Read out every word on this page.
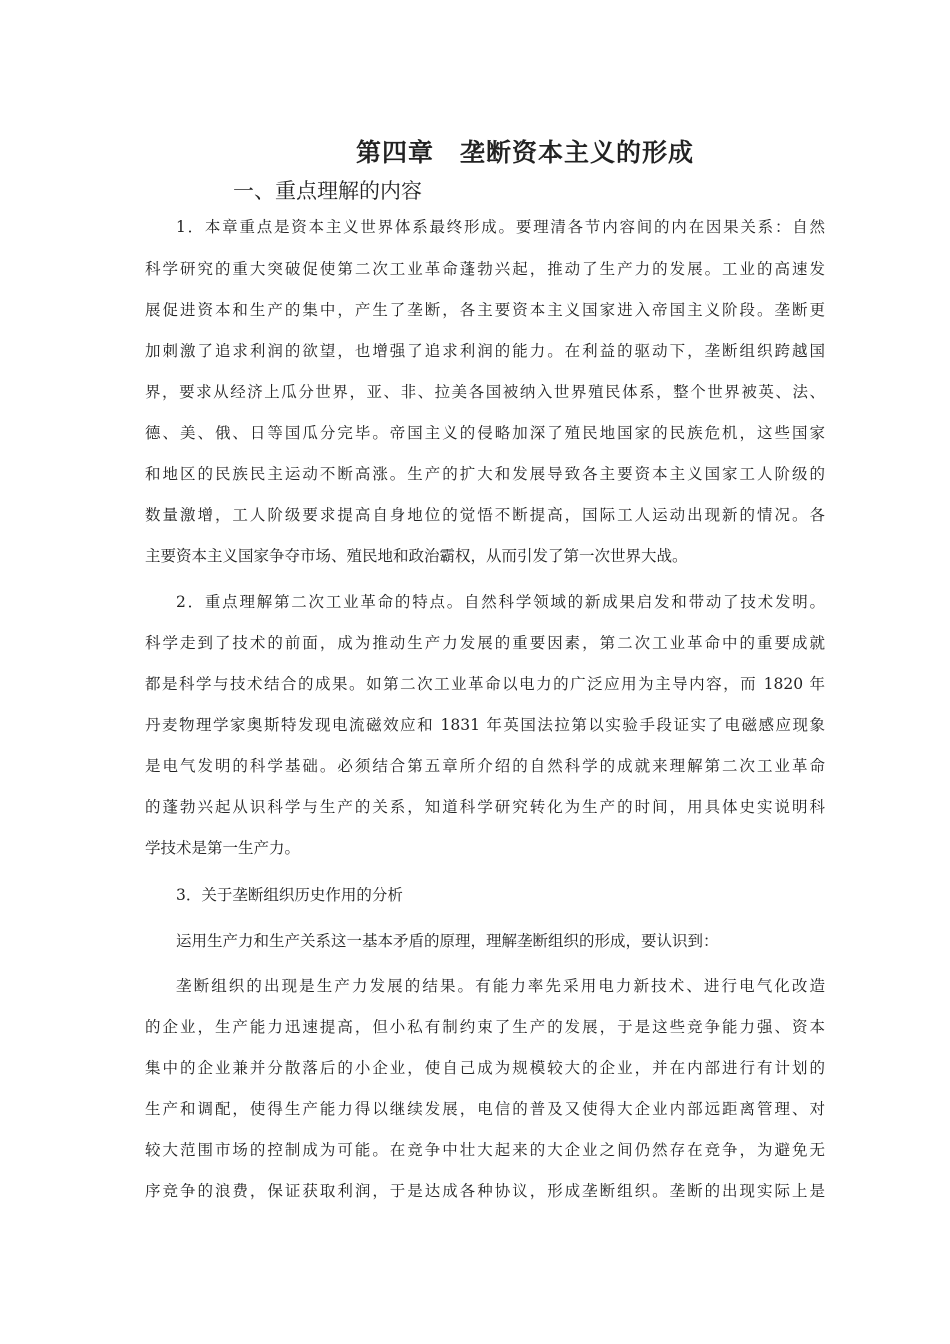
第四章　垄断资本主义的形成
一、重点理解的内容
1．本章重点是资本主义世界体系最终形成。要理清各节内容间的内在因果关系：自然
科学研究的重大突破促使第二次工业革命蓬勃兴起，推动了生产力的发展。工业的高速发
展促进资本和生产的集中，产生了垄断，各主要资本主义国家进入帝国主义阶段。垄断更
加刺激了追求利润的欲望，也增强了追求利润的能力。在利益的驱动下，垄断组织跨越国
界，要求从经济上瓜分世界，亚、非、拉美各国被纳入世界殖民体系，整个世界被英、法、
德、美、俄、日等国瓜分完毕。帝国主义的侵略加深了殖民地国家的民族危机，这些国家
和地区的民族民主运动不断高涨。生产的扩大和发展导致各主要资本主义国家工人阶级的
数量激增，工人阶级要求提高自身地位的觉悟不断提高，国际工人运动出现新的情况。各
主要资本主义国家争夺市场、殖民地和政治霸权，从而引发了第一次世界大战。
2．重点理解第二次工业革命的特点。自然科学领域的新成果启发和带动了技术发明。
科学走到了技术的前面，成为推动生产力发展的重要因素，第二次工业革命中的重要成就
都是科学与技术结合的成果。如第二次工业革命以电力的广泛应用为主导内容，而 1820 年
丹麦物理学家奥斯特发现电流磁效应和 1831 年英国法拉第以实验手段证实了电磁感应现象
是电气发明的科学基础。必须结合第五章所介绍的自然科学的成就来理解第二次工业革命
的蓬勃兴起从识科学与生产的关系，知道科学研究转化为生产的时间，用具体史实说明科
学技术是第一生产力。
3．关于垄断组织历史作用的分析
运用生产力和生产关系这一基本矛盾的原理，理解垄断组织的形成，要认识到：
垄断组织的出现是生产力发展的结果。有能力率先采用电力新技术、进行电气化改造
的企业，生产能力迅速提高，但小私有制约束了生产的发展，于是这些竞争能力强、资本
集中的企业兼并分散落后的小企业，使自己成为规模较大的企业，并在内部进行有计划的
生产和调配，使得生产能力得以继续发展，电信的普及又使得大企业内部远距离管理、对
较大范围市场的控制成为可能。在竞争中壮大起来的大企业之间仍然存在竞争，为避免无
序竞争的浪费，保证获取利润，于是达成各种协议，形成垄断组织。垄断的出现实际上是
